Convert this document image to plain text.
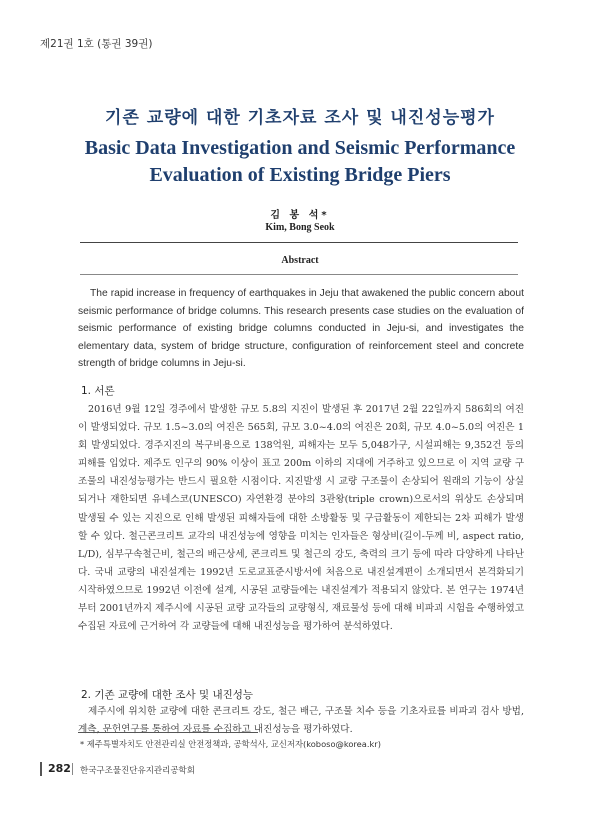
제21권 1호 (통권 39권)
기존 교량에 대한 기초자료 조사 및 내진성능평가
Basic Data Investigation and Seismic Performance Evaluation of Existing Bridge Piers
김 봉 석*
Kim, Bong Seok
Abstract
The rapid increase in frequency of earthquakes in Jeju that awakened the public concern about seismic performance of bridge columns. This research presents case studies on the evaluation of seismic performance of existing bridge columns conducted in Jeju-si, and investigates the elementary data, system of bridge structure, configuration of reinforcement steel and concrete strength of bridge columns in Jeju-si.
1. 서론
2016년 9월 12일 경주에서 발생한 규모 5.8의 지진이 발생된 후 2017년 2월 22일까지 586회의 여진이 발생되었다. 규모 1.5~3.0의 여진은 565회, 규모 3.0~4.0의 여진은 20회, 규모 4.0~5.0의 여진은 1회 발생되었다. 경주지진의 복구비용으로 138억원, 피해자는 모두 5,048가구, 시설피해는 9,352건 등의 피해를 입었다. 제주도 인구의 90% 이상이 표고 200m 이하의 지대에 거주하고 있으므로 이 지역 교량 구조물의 내진성능평가는 반드시 필요한 시점이다. 지진발생 시 교량 구조물이 손상되어 원래의 기능이 상실되거나 재한되면 유네스코(UNESCO) 자연환경 분야의 3관왕(triple crown)으로서의 위상도 손상되며 발생될 수 있는 지진으로 인해 발생된 피해자들에 대한 소방활동 및 구급활동이 제한되는 2차 피해가 발생할 수 있다. 철근콘크리트 교각의 내진성능에 영향을 미치는 인자들은 형상비(길이-두께 비, aspect ratio, L/D), 심부구속철근비, 철근의 배근상세, 콘크리트 및 철근의 강도, 축력의 크기 등에 따라 다양하게 나타난다. 국내 교량의 내진설계는 1992년 도로교표준시방서에 처음으로 내진설계편이 소개되면서 본격화되기 시작하였으므로 1992년 이전에 설계, 시공된 교량들에는 내진설계가 적용되지 않았다. 본 연구는 1974년부터 2001년까지 제주시에 시공된 교량 교각들의 교량형식, 재료물성 등에 대해 비파괴 시험을 수행하였고 수집된 자료에 근거하여 각 교량들에 대해 내진성능을 평가하여 분석하였다.
2. 기존 교량에 대한 조사 및 내진성능
제주시에 위치한 교량에 대한 콘크리트 강도, 철근 배근, 구조물 치수 등을 기초자료를 비파괴 검사 방법, 계측, 문헌연구를 통하여 자료를 수집하고 내진성능을 평가하였다.
* 제주특별자치도 안전관리실 안전정책과, 공학석사, 교신저자(koboso@korea.kr)
282 한국구조물진단유지관리공학회
